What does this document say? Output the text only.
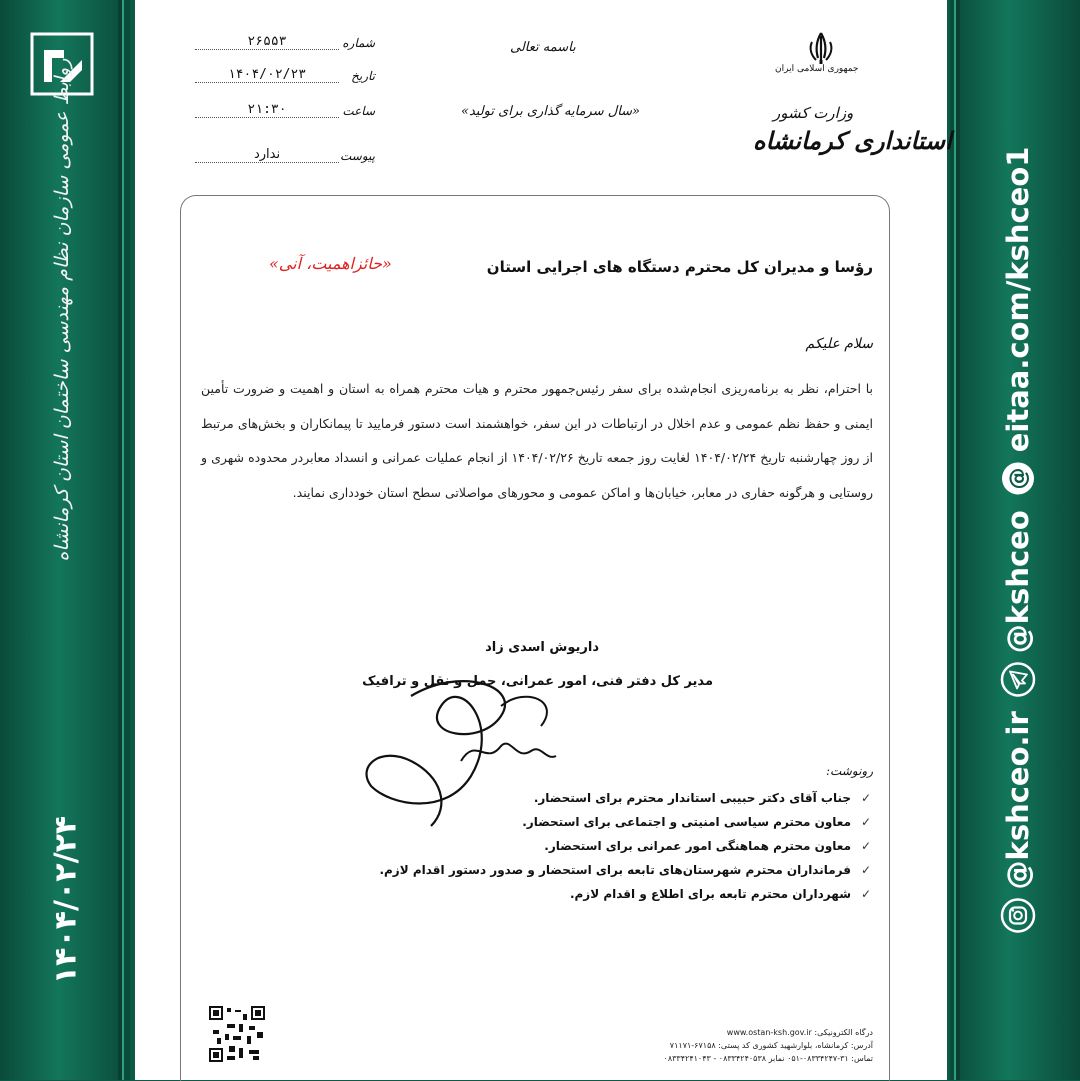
روابط عمومی سازمان نظام مهندسی ساختمان استان کرمانشاه
۱۴۰۴/۰۲/۲۴
@kshceo.ir
@kshceo
@
eitaa.com/kshceo1
جمهوری اسلامی ایران
وزارت کشور
استانداری کرمانشاه
باسمه تعالی
«سال سرمایه گذاری برای تولید»
شماره
۲۶۵۵۳
تاریخ
۱۴۰۴/۰۲/۲۳
ساعت
۲۱:۳۰
پیوست
ندارد
رؤسا و مدیران کل محترم دستگاه های اجرایی استان
«حائزاهمیت، آنی»
سلام علیکم
با احترام، نظر به برنامه‌ریزی انجام‌شده برای سفر رئیس‌جمهور محترم و هیات محترم همراه به استان و اهمیت و ضرورت تأمین ایمنی و حفظ نظم عمومی و عدم اخلال در ارتباطات در این سفر، خواهشمند است دستور فرمایید تا پیمانکاران و بخش‌های مرتبط از روز چهارشنبه تاریخ ۱۴۰۴/۰۲/۲۴ لغایت روز جمعه تاریخ ۱۴۰۴/۰۲/۲۶ از انجام عملیات عمرانی و انسداد معابردر محدوده شهری و روستایی و هرگونه حفاری در معابر، خیابان‌ها و اماکن عمومی و محورهای مواصلاتی سطح استان خودداری نمایند.
داریوش اسدی زاد
مدیر کل دفتر فنی، امور عمرانی، حمل و نقل و ترافیک
رونوشت:
✓
جناب آقای دکتر حبیبی استاندار محترم برای استحضار.
✓
معاون محترم سیاسی امنیتی و اجتماعی برای استحضار.
✓
معاون محترم هماهنگی امور عمرانی برای استحضار.
✓
فرمانداران محترم شهرستان‌های تابعه برای استحضار و صدور دستور اقدام لازم.
✓
شهرداران محترم تابعه برای اطلاع و اقدام لازم.
درگاه الکترونیکی: www.ostan-ksh.gov.ir
آدرس: کرمانشاه، بلوارشهید کشوری کد پستی: ۶۷۱۵۸-۷۱۱۷۱
تماس: ۳۱-۰۸۳۳۴۲۴۷-۰۵۱ نمابر ۰۸۳۳۴۲۴۰۵۳۸ - ۰۸۳۳۴۲۴۱۰۴۳
